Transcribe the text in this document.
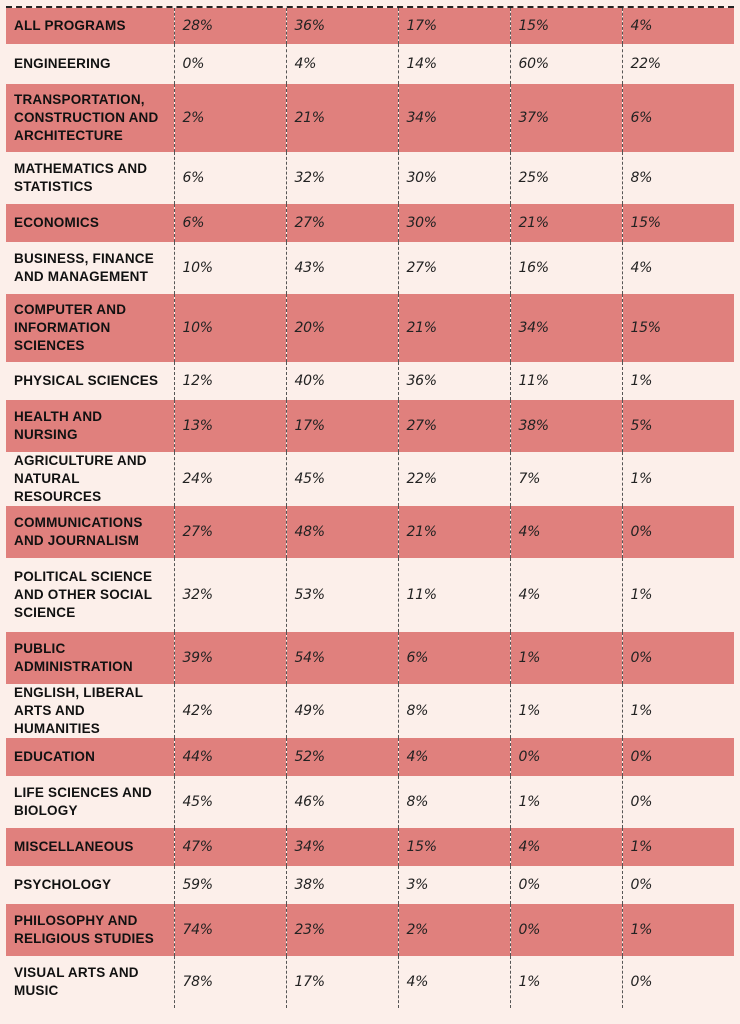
ALL PROGRAMS	28%	36%	17%	15%	4%
ENGINEERING	0%	4%	14%	60%	22%
TRANSPORTATION, CONSTRUCTION AND ARCHITECTURE	2%	21%	34%	37%	6%
MATHEMATICS AND STATISTICS	6%	32%	30%	25%	8%
ECONOMICS	6%	27%	30%	21%	15%
BUSINESS, FINANCE AND MANAGEMENT	10%	43%	27%	16%	4%
COMPUTER AND INFORMATION SCIENCES	10%	20%	21%	34%	15%
PHYSICAL SCIENCES	12%	40%	36%	11%	1%
HEALTH AND NURSING	13%	17%	27%	38%	5%
AGRICULTURE AND NATURAL RESOURCES	24%	45%	22%	7%	1%
COMMUNICATIONS AND JOURNALISM	27%	48%	21%	4%	0%
POLITICAL SCIENCE AND OTHER SOCIAL SCIENCE	32%	53%	11%	4%	1%
PUBLIC ADMINISTRATION	39%	54%	6%	1%	0%
ENGLISH, LIBERAL ARTS AND HUMANITIES	42%	49%	8%	1%	1%
EDUCATION	44%	52%	4%	0%	0%
LIFE SCIENCES AND BIOLOGY	45%	46%	8%	1%	0%
MISCELLANEOUS	47%	34%	15%	4%	1%
PSYCHOLOGY	59%	38%	3%	0%	0%
PHILOSOPHY AND RELIGIOUS STUDIES	74%	23%	2%	0%	1%
VISUAL ARTS AND MUSIC	78%	17%	4%	1%	0%
